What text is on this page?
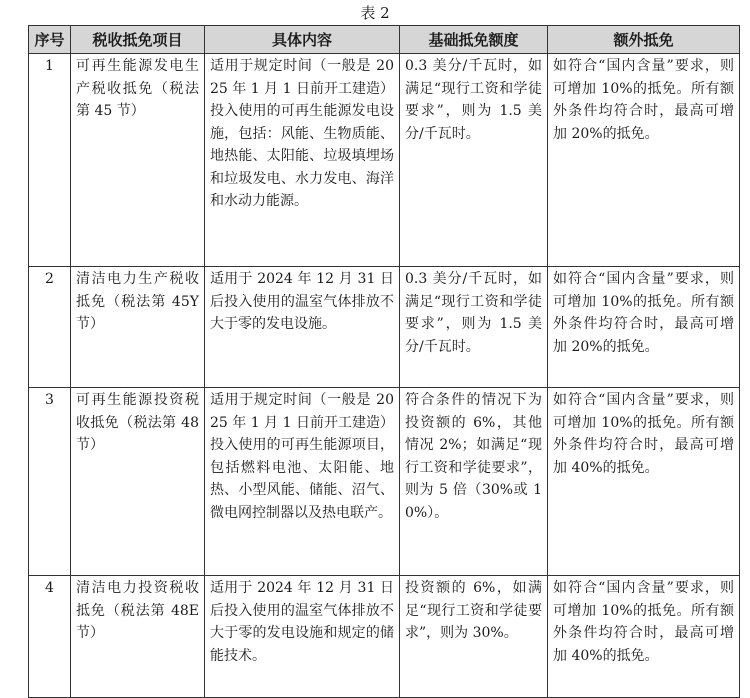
表 2
序号	税收抵免项目	具体内容	基础抵免额度	额外抵免
1	可再生能源发电生产税收抵免（税法第 45 节）	适用于规定时间（一般是 2025 年 1 月 1 日前开工建造）投入使用的可再生能源发电设施，包括：风能、生物质能、地热能、太阳能、垃圾填埋场和垃圾发电、水力发电、海洋和水动力能源。	0.3 美分/千瓦时，如满足“现行工资和学徒要求”，则为 1.5 美分/千瓦时。	如符合“国内含量”要求，则可增加 10%的抵免。所有额外条件均符合时，最高可增加 20%的抵免。
2	清洁电力生产税收抵免（税法第 45Y 节）	适用于 2024 年 12 月 31 日后投入使用的温室气体排放不大于零的发电设施。	0.3 美分/千瓦时，如满足“现行工资和学徒要求”，则为 1.5 美分/千瓦时。	如符合“国内含量”要求，则可增加 10%的抵免。所有额外条件均符合时，最高可增加 20%的抵免。
3	可再生能源投资税收抵免（税法第 48 节）	适用于规定时间（一般是 2025 年 1 月 1 日前开工建造）投入使用的可再生能源项目，包括燃料电池、太阳能、地热、小型风能、储能、沼气、微电网控制器以及热电联产。	符合条件的情况下为投资额的 6%，其他情况 2%；如满足“现行工资和学徒要求”，则为 5 倍（30%或 10%）。	如符合“国内含量”要求，则可增加 10%的抵免。所有额外条件均符合时，最高可增加 40%的抵免。
4	清洁电力投资税收抵免（税法第 48E 节）	适用于 2024 年 12 月 31 日后投入使用的温室气体排放不大于零的发电设施和规定的储能技术。	投资额的 6%，如满足“现行工资和学徒要求”，则为 30%。	如符合“国内含量”要求，则可增加 10%的抵免。所有额外条件均符合时，最高可增加 40%的抵免。
